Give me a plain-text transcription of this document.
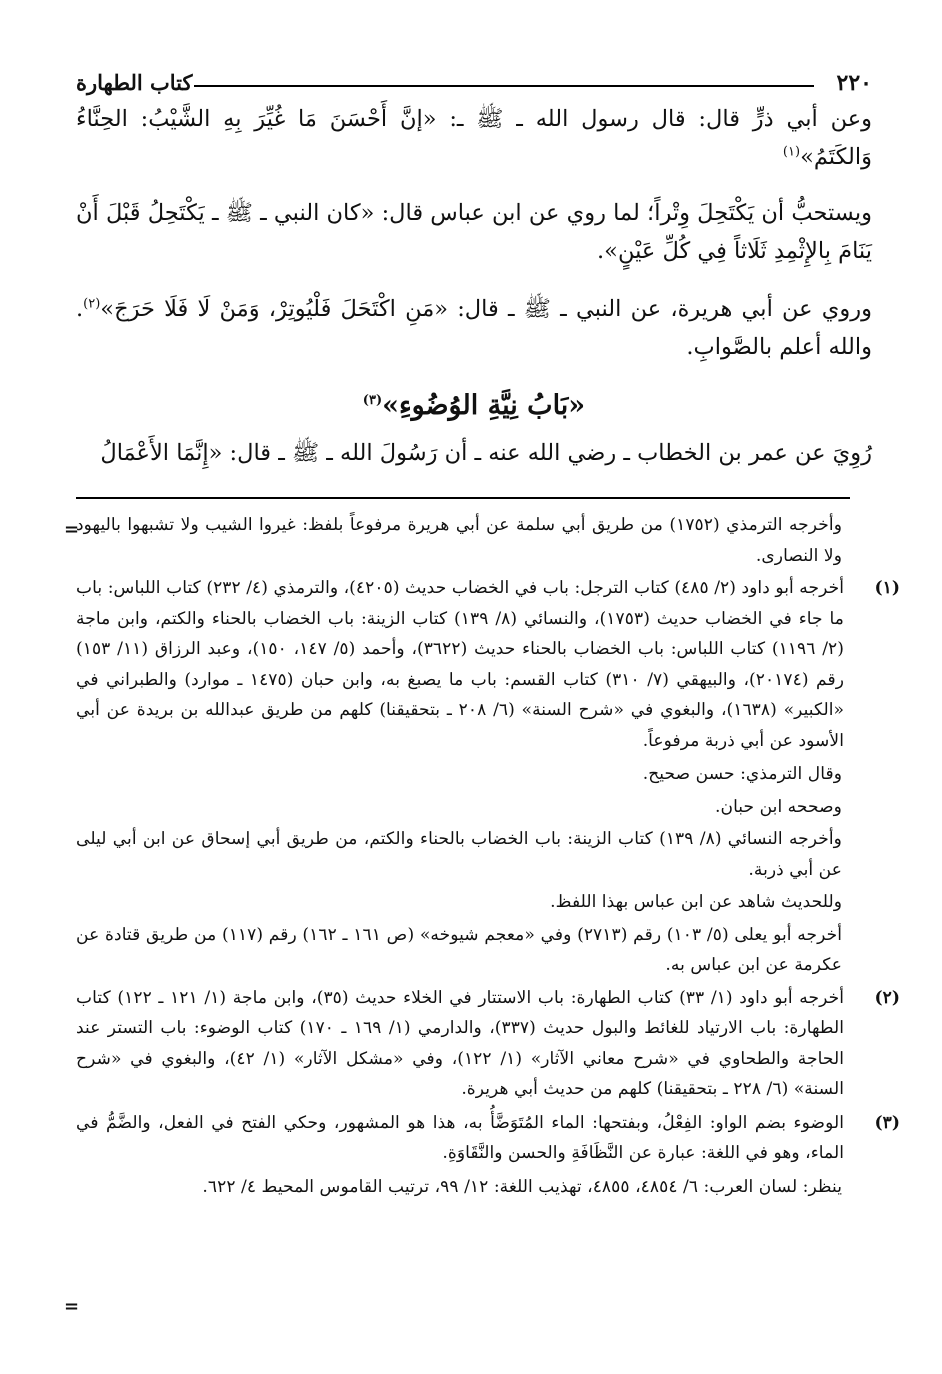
٢٢٠
كتاب الطهارة

وعن أبي ذرٍّ قال: قال رسول الله ـ ﷺ ـ: «إنَّ أَحْسَنَ مَا غُيِّرَ بِهِ الشَّيْبُ: الحِنَّاءُ وَالكَتَمُ»$^{(١)}$

ويستحبُّ أن يَكْتَحِلَ وِتْراً؛ لما روي عن ابن عباس قال: «كان النبي ـ ﷺ ـ يَكْتَحِلُ قَبْلَ أَنْ يَنَامَ بِالإِثْمِدِ ثَلَاثاً فِي كُلِّ عَيْنٍ».

وروي عن أبي هريرة، عن النبي ـ ﷺ ـ قال: «مَنِ اكْتَحَلَ فَلْيُوتِرْ، وَمَنْ لَا فَلَا حَرَجَ»$^{(٢)}$. والله أعلم بالصَّوابِ.

«بَابُ نِيَّةِ الوُضُوءِ»$^{(٣)}$

رُوِيَ عن عمر بن الخطاب ـ رضي الله عنه ـ أن رَسُولَ الله ـ ﷺ ـ قال: «إِنَّمَا الأَعْمَالُ

=
=
وأخرجه الترمذي (١٧٥٢) من طريق أبي سلمة عن أبي هريرة مرفوعاً بلفظ: غيروا الشيب ولا تشبهوا باليهود ولا النصارى.
(١)أخرجه أبو داود (٢/ ٤٨٥) كتاب الترجل: باب في الخضاب حديث (٤٢٠٥)، والترمذي (٤/ ٢٣٢) كتاب اللباس: باب ما جاء في الخضاب حديث (١٧٥٣)، والنسائي (٨/ ١٣٩) كتاب الزينة: باب الخضاب بالحناء والكتم، وابن ماجة (٢/ ١١٩٦) كتاب اللباس: باب الخضاب بالحناء حديث (٣٦٢٢)، وأحمد (٥/ ١٤٧، ١٥٠)، وعبد الرزاق (١١/ ١٥٣) رقم (٢٠١٧٤)، والبيهقي (٧/ ٣١٠) كتاب القسم: باب ما يصبغ به، وابن حبان (١٤٧٥ ـ موارد) والطبراني في «الكبير» (١٦٣٨)، والبغوي في «شرح السنة» (٦/ ٢٠٨ ـ بتحقيقنا) كلهم من طريق عبدالله بن بريدة عن أبي الأسود عن أبي ذربة مرفوعاً.
وقال الترمذي: حسن صحيح.
وصححه ابن حبان.
وأخرجه النسائي (٨/ ١٣٩) كتاب الزينة: باب الخضاب بالحناء والكتم، من طريق أبي إسحاق عن ابن أبي ليلى عن أبي ذربة.
وللحديث شاهد عن ابن عباس بهذا اللفظ.
أخرجه أبو يعلى (٥/ ١٠٣) رقم (٢٧١٣) وفي «معجم شيوخه» (ص ١٦١ ـ ١٦٢) رقم (١١٧) من طريق قتادة عن عكرمة عن ابن عباس به.
(٢)أخرجه أبو داود (١/ ٣٣) كتاب الطهارة: باب الاستتار في الخلاء حديث (٣٥)، وابن ماجة (١/ ١٢١ ـ ١٢٢) كتاب الطهارة: باب الارتياد للغائط والبول حديث (٣٣٧)، والدارمي (١/ ١٦٩ ـ ١٧٠) كتاب الوضوء: باب التستر عند الحاجة والطحاوي في «شرح معاني الآثار» (١/ ١٢٢)، وفي «مشكل الآثار» (١/ ٤٢)، والبغوي في «شرح السنة» (٦/ ٢٢٨ ـ بتحقيقنا) كلهم من حديث أبي هريرة.
(٣)الوضوء بضم الواو: الفِعْلُ، وبفتحها: الماء المُتَوَضَّأُ به، هذا هو المشهور، وحكي الفتح في الفعل، والضَّمُّ في الماء، وهو في اللغة: عبارة عن النَّظَافَةِ والحسن والنَّقَاوَةِ.
ينظر: لسان العرب: ٦/ ٤٨٥٤، ٤٨٥٥، تهذيب اللغة: ١٢/ ٩٩، ترتيب القاموس المحيط ٤/ ٦٢٢.
